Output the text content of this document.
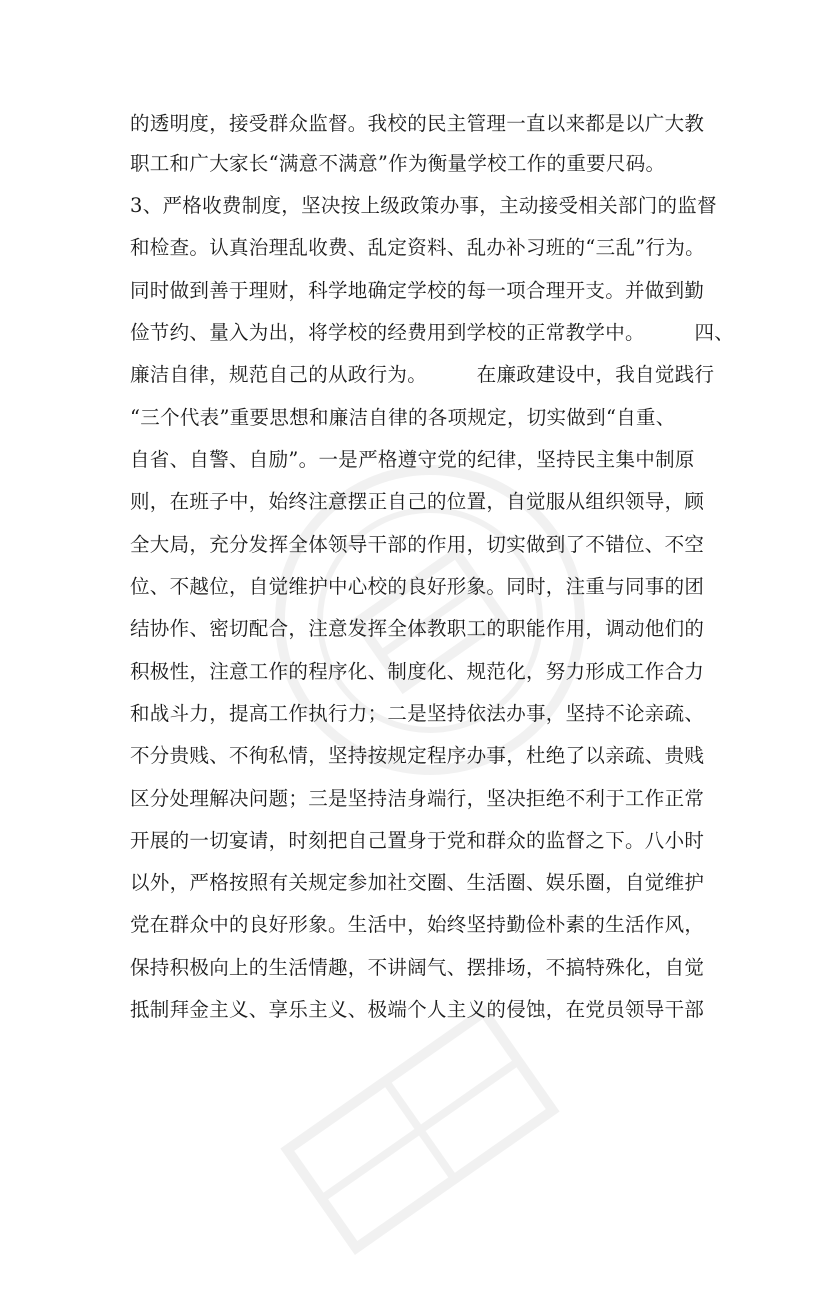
的透明度，接受群众监督。我校的民主管理一直以来都是以广大教
职工和广大家长“满意不满意”作为衡量学校工作的重要尺码。
3、严格收费制度，坚决按上级政策办事，主动接受相关部门的监督
和检查。认真治理乱收费、乱定资料、乱办补习班的“三乱”行为。
同时做到善于理财，科学地确定学校的每一项合理开支。并做到勤
俭节约、量入为出，将学校的经费用到学校的正常教学中。　　　四、
廉洁自律，规范自己的从政行为。　　　在廉政建设中，我自觉践行
“三个代表”重要思想和廉洁自律的各项规定，切实做到“自重、
自省、自警、自励”。一是严格遵守党的纪律，坚持民主集中制原
则，在班子中，始终注意摆正自己的位置，自觉服从组织领导，顾
全大局，充分发挥全体领导干部的作用，切实做到了不错位、不空
位、不越位，自觉维护中心校的良好形象。同时，注重与同事的团
结协作、密切配合，注意发挥全体教职工的职能作用，调动他们的
积极性，注意工作的程序化、制度化、规范化，努力形成工作合力
和战斗力，提高工作执行力；二是坚持依法办事，坚持不论亲疏、
不分贵贱、不徇私情，坚持按规定程序办事，杜绝了以亲疏、贵贱
区分处理解决问题；三是坚持洁身端行，坚决拒绝不利于工作正常
开展的一切宴请，时刻把自己置身于党和群众的监督之下。八小时
以外，严格按照有关规定参加社交圈、生活圈、娱乐圈，自觉维护
党在群众中的良好形象。生活中，始终坚持勤俭朴素的生活作风，
保持积极向上的生活情趣，不讲阔气、摆排场，不搞特殊化，自觉
抵制拜金主义、享乐主义、极端个人主义的侵蚀，在党员领导干部
